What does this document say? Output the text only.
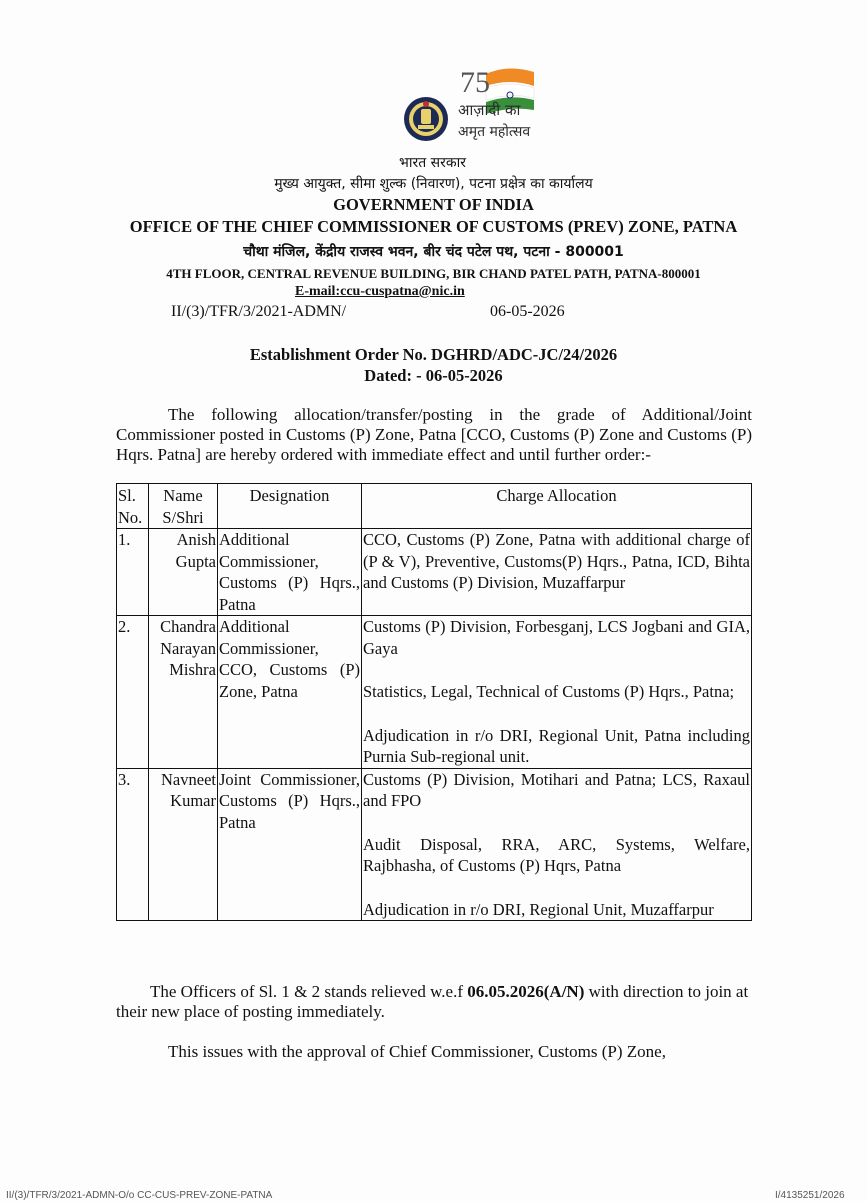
75
आज़ादी का
अमृत महोत्सव
भारत सरकार
मुख्य आयुक्त, सीमा शुल्क (निवारण), पटना प्रक्षेत्र का कार्यालय
GOVERNMENT OF INDIA
OFFICE OF THE CHIEF COMMISSIONER OF CUSTOMS (PREV) ZONE, PATNA
चौथा मंजिल, केंद्रीय राजस्व भवन, बीर चंद पटेल पथ, पटना - 800001
4TH FLOOR, CENTRAL REVENUE BUILDING, BIR CHAND PATEL PATH, PATNA-800001
E-mail:ccu-cuspatna@nic.in
II/(3)/TFR/3/2021-ADMN/	06-05-2026
Establishment Order No. DGHRD/ADC-JC/24/2026
Dated: - 06-05-2026

The following allocation/transfer/posting in the grade of Additional/Joint Commissioner posted in Customs (P) Zone, Patna [CCO, Customs (P) Zone and Customs (P) Hqrs. Patna] are hereby ordered with immediate effect and until further order:-

Sl. No.	Name S/Shri	Designation	Charge Allocation
1.	Anish Gupta	Additional Commissioner, Customs (P) Hqrs., Patna	CCO, Customs (P) Zone, Patna with additional charge of (P & V), Preventive, Customs(P) Hqrs., Patna, ICD, Bihta and Customs (P) Division, Muzaffarpur

2.	Chandra Narayan Mishra	Additional Commissioner, CCO, Customs (P) Zone, Patna	Customs (P) Division, Forbesganj, LCS Jogbani and GIA, Gaya
Statistics, Legal, Technical of Customs (P) Hqrs., Patna;
Adjudication in r/o DRI, Regional Unit, Patna including Purnia Sub-regional unit.

3.	Navneet Kumar	Joint Commissioner, Customs (P) Hqrs., Patna	Customs (P) Division, Motihari and Patna; LCS, Raxaul and FPO
Audit Disposal, RRA, ARC, Systems, Welfare, Rajbhasha, of Customs (P) Hqrs, Patna
Adjudication in r/o DRI, Regional Unit, Muzaffarpur

The Officers of Sl. 1 & 2 stands relieved w.e.f 06.05.2026(A/N) with direction to join at their new place of posting immediately.

This issues with the approval of Chief Commissioner, Customs (P) Zone,

II/(3)/TFR/3/2021-ADMN-O/o CC-CUS-PREV-ZONE-PATNA	I/4135251/2026
